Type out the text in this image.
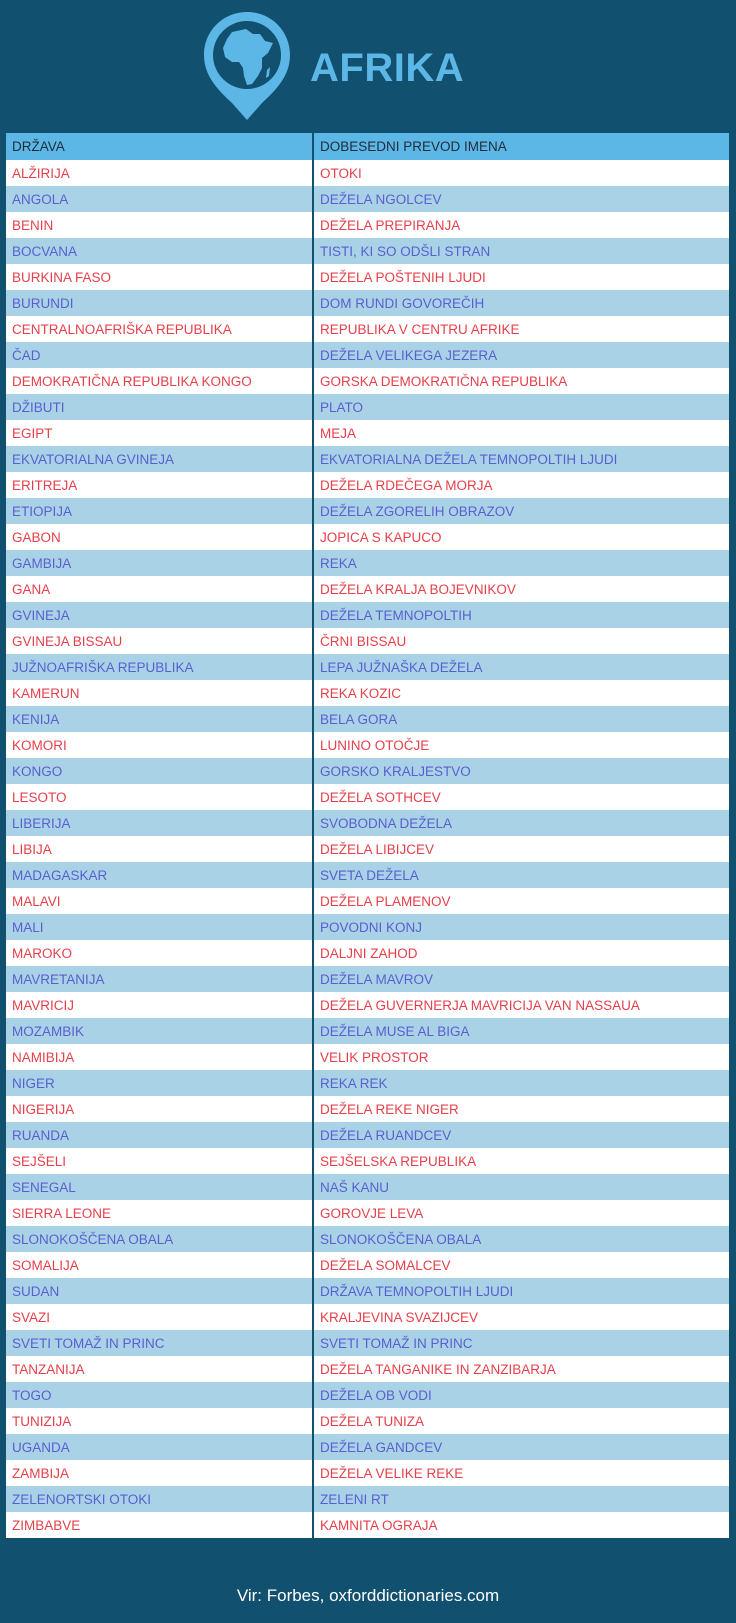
AFRIKA
DRŽAVA	DOBESEDNI PREVOD IMENA
ALŽIRIJA	OTOKI
ANGOLA	DEŽELA NGOLCEV
BENIN	DEŽELA PREPIRANJA
BOCVANA	TISTI, KI SO ODŠLI STRAN
BURKINA FASO	DEŽELA POŠTENIH LJUDI
BURUNDI	DOM RUNDI GOVOREČIH
CENTRALNOAFRIŠKA REPUBLIKA	REPUBLIKA V CENTRU AFRIKE
ČAD	DEŽELA VELIKEGA JEZERA
DEMOKRATIČNA REPUBLIKA KONGO	GORSKA DEMOKRATIČNA REPUBLIKA
DŽIBUTI	PLATO
EGIPT	MEJA
EKVATORIALNA GVINEJA	EKVATORIALNA DEŽELA TEMNOPOLTIH LJUDI
ERITREJA	DEŽELA RDEČEGA MORJA
ETIOPIJA	DEŽELA ZGORELIH OBRAZOV
GABON	JOPICA S KAPUCO
GAMBIJA	REKA
GANA	DEŽELA KRALJA BOJEVNIKOV
GVINEJA	DEŽELA TEMNOPOLTIH
GVINEJA BISSAU	ČRNI BISSAU
JUŽNOAFRIŠKA REPUBLIKA	LEPA JUŽNAŠKA DEŽELA
KAMERUN	REKA KOZIC
KENIJA	BELA GORA
KOMORI	LUNINO OTOČJE
KONGO	GORSKO KRALJESTVO
LESOTO	DEŽELA SOTHCEV
LIBERIJA	SVOBODNA DEŽELA
LIBIJA	DEŽELA LIBIJCEV
MADAGASKAR	SVETA DEŽELA
MALAVI	DEŽELA PLAMENOV
MALI	POVODNI KONJ
MAROKO	DALJNI ZAHOD
MAVRETANIJA	DEŽELA MAVROV
MAVRICIJ	DEŽELA GUVERNERJA MAVRICIJA VAN NASSAUA
MOZAMBIK	DEŽELA MUSE AL BIGA
NAMIBIJA	VELIK PROSTOR
NIGER	REKA REK
NIGERIJA	DEŽELA REKE NIGER
RUANDA	DEŽELA RUANDCEV
SEJŠELI	SEJŠELSKA REPUBLIKA
SENEGAL	NAŠ KANU
SIERRA LEONE	GOROVJE LEVA
SLONOKOŠČENA OBALA	SLONOKOŠČENA OBALA
SOMALIJA	DEŽELA SOMALCEV
SUDAN	DRŽAVA TEMNOPOLTIH LJUDI
SVAZI	KRALJEVINA SVAZIJCEV
SVETI TOMAŽ IN PRINC	SVETI TOMAŽ IN PRINC
TANZANIJA	DEŽELA TANGANIKE IN ZANZIBARJA
TOGO	DEŽELA OB VODI
TUNIZIJA	DEŽELA TUNIZA
UGANDA	DEŽELA GANDCEV
ZAMBIJA	DEŽELA VELIKE REKE
ZELENORTSKI OTOKI	ZELENI RT
ZIMBABVE	KAMNITA OGRAJA
Vir: Forbes, oxforddictionaries.com
